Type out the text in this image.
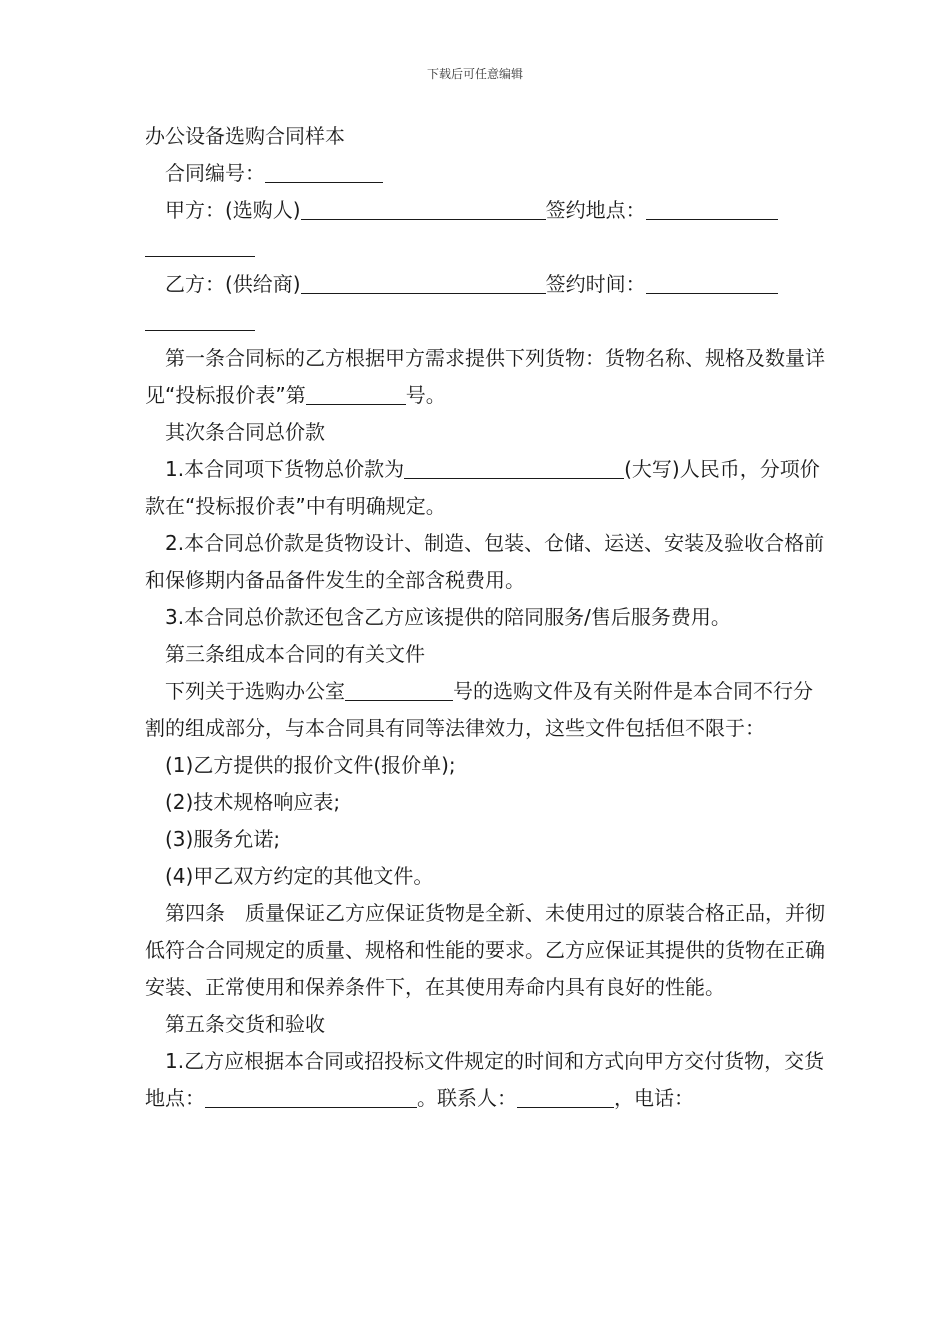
下载后可任意编辑

办公设备选购合同样本

合同编号：

甲方：(选购人)	签约地点：

乙方：(供给商)	签约时间：

第一条合同标的乙方根据甲方需求提供下列货物：货物名称、规格及数量详见“投标报价表”第	号。

其次条合同总价款

1.本合同项下货物总价款为	(大写)人民币，分项价款在“投标报价表”中有明确规定。

2.本合同总价款是货物设计、制造、包装、仓储、运送、安装及验收合格前和保修期内备品备件发生的全部含税费用。

3.本合同总价款还包含乙方应该提供的陪同服务/售后服务费用。

第三条组成本合同的有关文件

下列关于选购办公室	号的选购文件及有关附件是本合同不行分割的组成部分，与本合同具有同等法律效力，这些文件包括但不限于：

(1)乙方提供的报价文件(报价单);

(2)技术规格响应表;

(3)服务允诺;

(4)甲乙双方约定的其他文件。

第四条　质量保证乙方应保证货物是全新、未使用过的原装合格正品，并彻低符合合同规定的质量、规格和性能的要求。乙方应保证其提供的货物在正确安装、正常使用和保养条件下，在其使用寿命内具有良好的性能。

第五条交货和验收

1.乙方应根据本合同或招投标文件规定的时间和方式向甲方交付货物，交货地点：	。联系人：	，电话：
